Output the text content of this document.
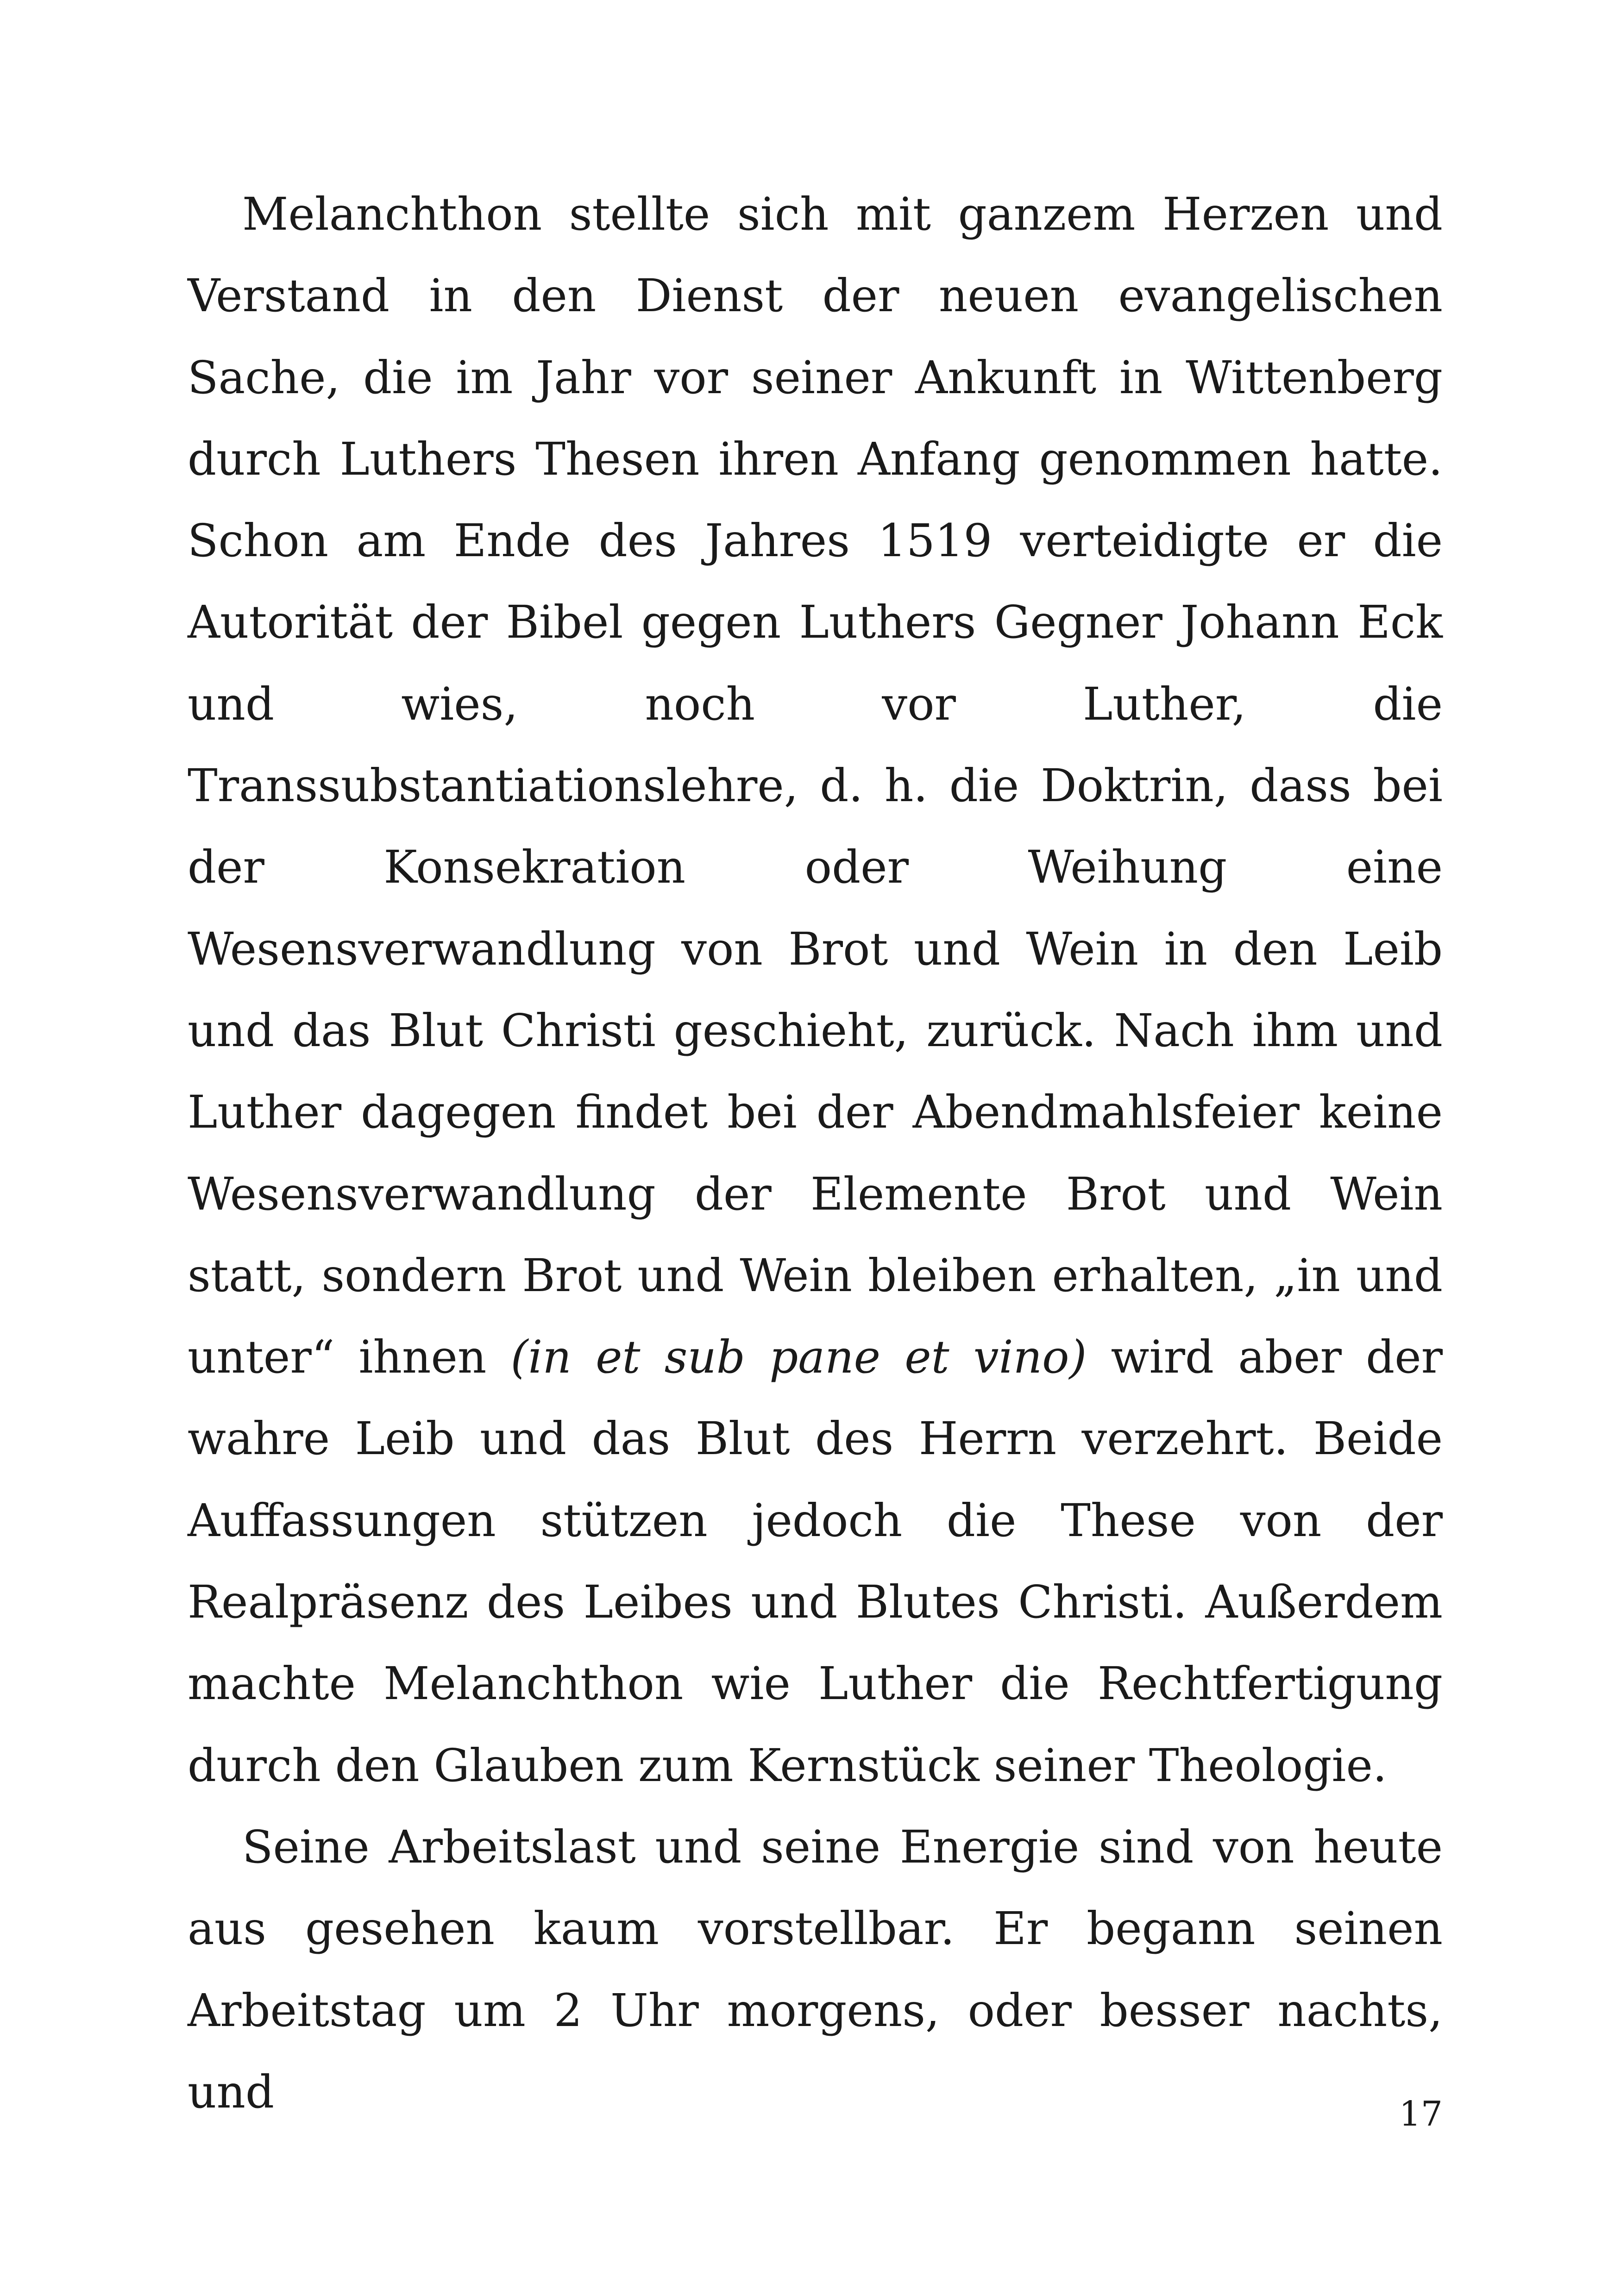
Melanchthon stellte sich mit ganzem Herzen und Verstand in den Dienst der neuen evangelischen Sache, die im Jahr vor seiner Ankunft in Wittenberg durch Luthers Thesen ihren Anfang genommen hatte. Schon am Ende des Jahres 1519 verteidigte er die Autorität der Bibel gegen Luthers Gegner Johann Eck und wies, noch vor Luther, die Transsubstantiationslehre, d. h. die Doktrin, dass bei der Konsekration oder Weihung eine Wesensverwandlung von Brot und Wein in den Leib und das Blut Christi geschieht, zurück. Nach ihm und Luther dagegen findet bei der Abendmahlsfeier keine Wesensverwandlung der Elemente Brot und Wein statt, sondern Brot und Wein bleiben erhalten, „in und unter“ ihnen (in et sub pane et vino) wird aber der wahre Leib und das Blut des Herrn verzehrt. Beide Auffassungen stützen jedoch die These von der Realpräsenz des Leibes und Blutes Christi. Außerdem machte Melanchthon wie Luther die Rechtfertigung durch den Glauben zum Kernstück seiner Theologie.

Seine Arbeitslast und seine Energie sind von heute aus gesehen kaum vorstellbar. Er begann seinen Arbeitstag um 2 Uhr morgens, oder besser nachts, und	17
